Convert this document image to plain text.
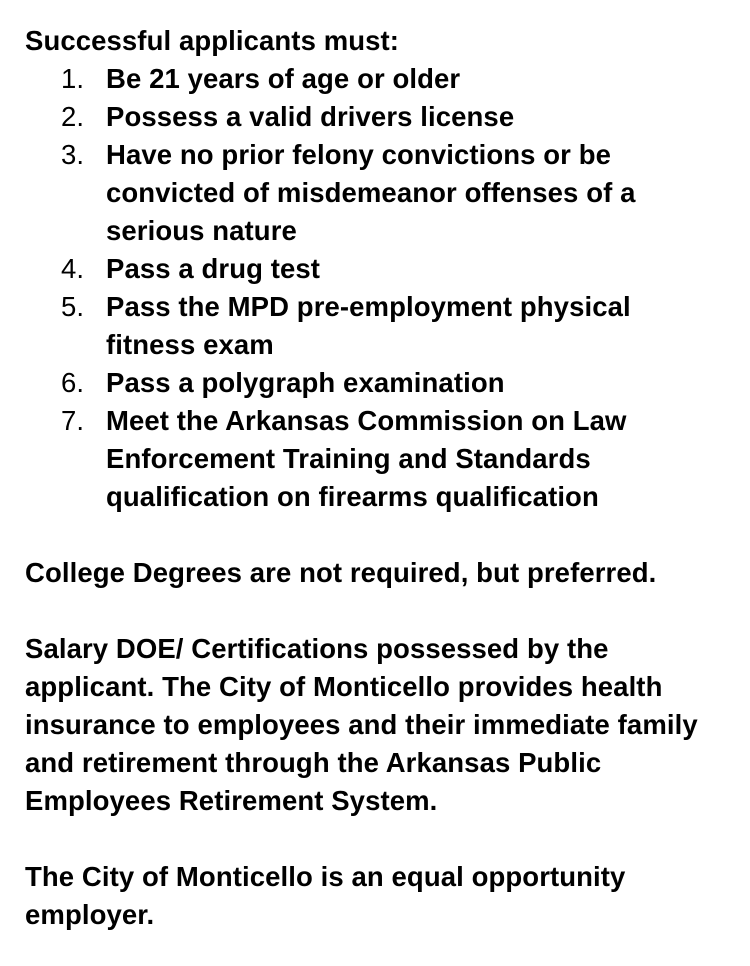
Successful applicants must:

1. Be 21 years of age or older
2. Possess a valid drivers license
3. Have no prior felony convictions or be convicted of misdemeanor offenses of a serious nature
4. Pass a drug test
5. Pass the MPD pre-employment physical fitness exam
6. Pass a polygraph examination
7. Meet the Arkansas Commission on Law Enforcement Training and Standards qualification on firearms qualification

College Degrees are not required, but preferred.

Salary DOE/ Certifications possessed by the
applicant. The City of Monticello provides health
insurance to employees and their immediate family
and retirement through the Arkansas Public
Employees Retirement System.

The City of Monticello is an equal opportunity
employer.
